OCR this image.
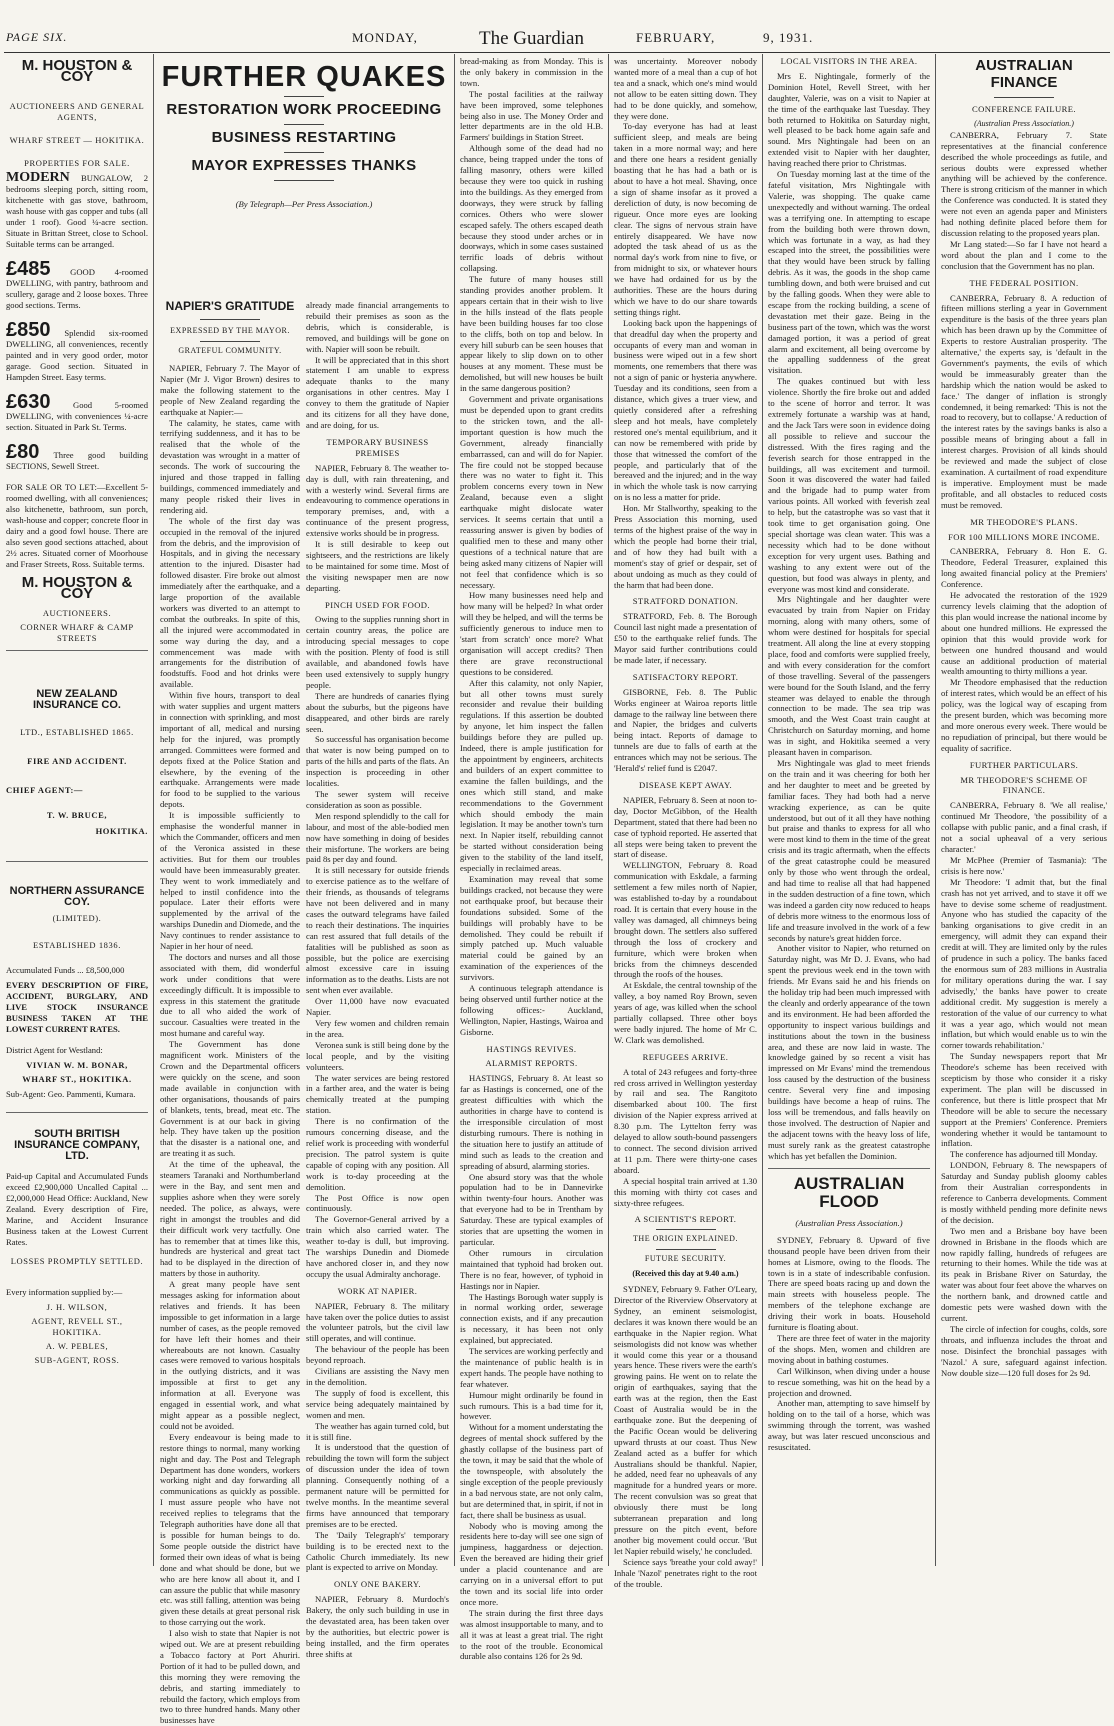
PAGE SIX.	MONDAY,	The Guardian	FEBRUARY,	9, 1931.
M. HOUSTON & COY
AUCTIONEERS AND GENERAL AGENTS,
WHARF STREET — HOKITIKA.
PROPERTIES FOR SALE.
MODERN BUNGALOW, 2 bedrooms sleeping porch, sitting room, kitchenette with gas stove, bathroom, wash house with gas copper and tubs (all under 1 roof). Good ¼-acre section. Situate in Brittan Street, close to School. Suitable terms can be arranged.
£485 GOOD 4-roomed DWELLING, with pantry, bathroom and scullery, garage and 2 loose boxes. Three good sections. Terms.
£850 Splendid six-roomed DWELLING, all conveniences, recently painted and in very good order, motor garage. Good section. Situated in Hampden Street. Easy terms.
£630	Good 5-roomed DWELLING, with conveniences ¼-acre section. Situated in Park St. Terms.
£80 Three good building SECTIONS, Sewell Street.
FOR SALE OR TO LET:—Excellent 5-roomed dwelling, with all conveniences; also kitchenette, bathroom, sun porch, wash-house and copper; concrete floor in dairy and a good fowl house. There are also seven good sections attached, about 2½ acres. Situated corner of Moorhouse and Fraser Streets, Ross. Suitable terms.
M. HOUSTON & COY
AUCTIONEERS.
CORNER WHARF & CAMP STREETS
NEW ZEALAND INSURANCE CO.
LTD., ESTABLISHED 1865.
FIRE AND ACCIDENT.
CHIEF AGENT:—
T. W. BRUCE,
HOKITIKA.
NORTHERN ASSURANCE COY.
(LIMITED).
ESTABLISHED 1836.
Accumulated Funds ... £8,500,000
EVERY DESCRIPTION OF FIRE, ACCIDENT, BURGLARY, AND LIVE STOCK INSURANCE BUSINESS TAKEN AT THE LOWEST CURRENT RATES.
District Agent for Westland:
VIVIAN W. M. BONAR,
WHARF ST., HOKITIKA.
Sub-Agent: Geo. Pammenti, Kumara.
SOUTH BRITISH INSURANCE COMPANY, LTD.
Paid-up Capital and Accumulated Funds exceed £2,900,000 Uncalled Capital ... £2,000,000 Head Office: Auckland, New Zealand. Every description of Fire, Marine, and Accident Insurance Business taken at the Lowest Current Rates.
LOSSES PROMPTLY SETTLED.
Every information supplied by:—
J. H. WILSON,
AGENT, REVELL ST., HOKITIKA.
A. W. PEBLES,
SUB-AGENT, ROSS.
FURTHER QUAKES
RESTORATION WORK PROCEEDING
BUSINESS RESTARTING
MAYOR EXPRESSES THANKS
(By Telegraph—Per Press Association.)
NAPIER'S GRATITUDE
EXPRESSED BY THE MAYOR.
GRATEFUL COMMUNITY.

NAPIER, February 7. The Mayor of Napier (Mr J. Vigor Brown) desires to make the following statement to the people of New Zealand regarding the earthquake at Napier:—

The calamity, he states, came with terrifying suddenness, and it has to be realised that the whole of the devastation was wrought in a matter of seconds. The work of succouring the injured and those trapped in falling buildings, commenced immediately and many people risked their lives in rendering aid.

The whole of the first day was occupied in the removal of the injured from the debris, and the improvision of Hospitals, and in giving the necessary attention to the injured. Disaster had followed disaster. Fire broke out almost immediately after the earthquake, and a large proportion of the available workers was diverted to an attempt to combat the outbreaks. In spite of this, all the injured were accommodated in some way during the day, and a commencement was made with arrangements for the distribution of foodstuffs. Food and hot drinks were available.

Within five hours, transport to deal with water supplies and urgent matters in connection with sprinkling, and most important of all, medical and nursing help for the injured, was promptly arranged. Committees were formed and depots fixed at the Police Station and elsewhere, by the evening of the earthquake. Arrangements were made for food to be supplied to the various depots.

It is impossible sufficiently to emphasise the wonderful manner in which the Commander, officers and men of the Veronica assisted in these activities. But for them our troubles would have been immeasurably greater. They went to work immediately and helped to instil confidence into the populace. Later their efforts were supplemented by the arrival of the warships Dunedin and Diomede, and the Navy continues to render assistance to Napier in her hour of need.

The doctors and nurses and all those associated with them, did wonderful work under conditions that were exceedingly difficult. It is impossible to express in this statement the gratitude due to all who aided the work of succour. Casualties were treated in the most humane and careful way.

The Government has done magnificent work. Ministers of the Crown and the Departmental officers were quickly on the scene, and soon made available in conjunction with other organisations, thousands of pairs of blankets, tents, bread, meat etc. The Government is at our back in giving help. They have taken up the position that the disaster is a national one, and are treating it as such.

At the time of the upheaval, the steamers Taranaki and Northumberland were in the Bay, and sent men and supplies ashore when they were sorely needed. The police, as always, were right in amongst the troubles and did their difficult work very tactfully. One has to remember that at times like this, hundreds are hysterical and great tact had to be displayed in the direction of matters by those in authority.

A great many people have sent messages asking for information about relatives and friends. It has been impossible to get information in a large number of cases, as the people removed for have left their homes and their whereabouts are not known. Casualty cases were removed to various hospitals in the outlying districts, and it was impossible at first to get any information at all. Everyone was engaged in essential work, and what might appear as a possible neglect, could not be avoided.

Every endeavour is being made to restore things to normal, many working night and day. The Post and Telegraph Department has done wonders, workers working night and day forwarding all communications as quickly as possible. I must assure people who have not received replies to telegrams that the Telegraph authorities have done all that is possible for human beings to do. Some people outside the district have formed their own ideas of what is being done and what should be done, but we who are here know all about it, and I can assure the public that while masonry etc. was still falling, attention was being given these details at great personal risk to those carrying out the work.

I also wish to state that Napier is not wiped out. We are at present rebuilding a Tobacco factory at Port Ahuriri. Portion of it had to be pulled down, and this morning they were removing the debris, and starting immediately to rebuild the factory, which employs from two to three hundred hands. Many other businesses have

already made financial arrangements to rebuild their premises as soon as the debris, which is considerable, is removed, and buildings will be gone on with. Napier will soon be rebuilt.

It will be appreciated that in this short statement I am unable to express adequate thanks to the many organisations in other centres. May I convey to them the gratitude of Napier and its citizens for all they have done, and are doing, for us.

TEMPORARY BUSINESS PREMISES

NAPIER, February 8. The weather to-day is dull, with rain threatening, and with a westerly wind. Several firms are endeavouring to commence operations in temporary premises, and, with a continuance of the present progress, extensive works should be in progress.

It is still desirable to keep out sightseers, and the restrictions are likely to be maintained for some time. Most of the visiting newspaper men are now departing.

PINCH USED FOR FOOD.

Owing to the supplies running short in certain country areas, the police are introducing special messages to cope with the position. Plenty of food is still available, and abandoned fowls have been used extensively to supply hungry people.

There are hundreds of canaries flying about the suburbs, but the pigeons have disappeared, and other birds are rarely seen.

So successful has organisation become that water is now being pumped on to parts of the hills and parts of the flats. An inspection is proceeding in other localities.

The sewer system will receive consideration as soon as possible.

Men respond splendidly to the call for labour, and most of the able-bodied men now have something in doing of besides their misfortune. The workers are being paid 8s per day and found.

It is still necessary for outside friends to exercise patience as to the welfare of their friends, as thousands of telegrams have not been delivered and in many cases the outward telegrams have failed to reach their destinations. The inquiries can rest assured that full details of the fatalities will be published as soon as possible, but the police are exercising almost excessive care in issuing information as to the deaths. Lists are not sent when ever available.

Over 11,000 have now evacuated Napier.

Very few women and children remain in the area.

Veronea sunk is still being done by the local people, and by the visiting volunteers.

The water services are being restored in a farther area, and the water is being chemically treated at the pumping station.

There is no confirmation of the rumours concerning disease, and the relief work is proceeding with wonderful precision. The patrol system is quite capable of coping with any position. All work is to-day proceeding at the demolition.

The Post Office is now open continuously.

The Governor-General arrived by a train which also carried water. The weather to-day is dull, but improving. The warships Dunedin and Diomede have anchored closer in, and they now occupy the usual Admiralty anchorage.

WORK AT NAPIER.

NAPIER, February 8. The military have taken over the police duties to assist the volunteer patrols, but the civil law still operates, and will continue.

The behaviour of the people has been beyond reproach.

Civilians are assisting the Navy men in the demolition.

The supply of food is excellent, this service being adequately maintained by women and men.

The weather has again turned cold, but it is still fine.

It is understood that the question of rebuilding the town will form the subject of discussion under the idea of town planning. Consequently nothing of a permanent nature will be permitted for twelve months. In the meantime several firms have announced that temporary premises are to be erected.

The 'Daily Telegraph's' temporary building is to be erected next to the Catholic Church immediately. Its new plant is expected to arrive on Monday.

ONLY ONE BAKERY.

NAPIER, February 8. Murdoch's Bakery, the only such building in use in the devastated area, has been taken over by the authorities, but electric power is being installed, and the firm operates three shifts at

bread-making as from Monday. This is the only bakery in commission in the town.

The postal facilities at the railway have been improved, some telephones being also in use. The Money Order and letter departments are in the old H.B. Farmers' buildings in Station Street.

Although some of the dead had no chance, being trapped under the tons of falling masonry, others were killed because they were too quick in rushing into the buildings. As they emerged from doorways, they were struck by falling cornices. Others who were slower escaped safely. The others escaped death because they stood under arches or in doorways, which in some cases sustained terrific loads of debris without collapsing.

The future of many houses still standing provides another problem. It appears certain that in their wish to live in the hills instead of the flats people have been building houses far too close to the cliffs, both on top and below. In every hill suburb can be seen houses that appear likely to slip down on to other houses at any moment. These must be demolished, but will new houses be built in the same dangerous position?

Government and private organisations must be depended upon to grant credits to the stricken town, and the all-important question is how much the Government, already financially embarrassed, can and will do for Napier. The fire could not be stopped because there was no water to fight it. This problem concerns every town in New Zealand, because even a slight earthquake might dislocate water services. It seems certain that until a reassuring answer is given by bodies of qualified men to these and many other questions of a technical nature that are being asked many citizens of Napier will not feel that confidence which is so necessary.

How many businesses need help and how many will be helped? In what order will they be helped, and will the terms be sufficiently generous to induce men to 'start from scratch' once more? What organisation will accept credits? Then there are grave reconstructional questions to be considered.

After this calamity, not only Napier, but all other towns must surely reconsider and revalue their building regulations. If this assertion be doubted by anyone, let him inspect the fallen buildings before they are pulled up. Indeed, there is ample justification for the appointment by engineers, architects and builders of an expert committee to examine the fallen buildings, and the ones which still stand, and make recommendations to the Government which should embody the main legislation. It may be another town's turn next. In Napier itself, rebuilding cannot be started without consideration being given to the stability of the land itself, especially in reclaimed areas.

Examination may reveal that some buildings cracked, not because they were not earthquake proof, but because their foundations subsided. Some of the buildings will probably have to be demolished. They could be rebuilt if simply patched up. Much valuable material could be gained by an examination of the experiences of the survivors.

A continuous telegraph attendance is being observed until further notice at the following offices:- Auckland, Wellington, Napier, Hastings, Wairoa and Gisborne.

HASTINGS REVIVES.
ALARMIST REPORTS.

HASTINGS, February 8. At least so far as Hastings is concerned, one of the greatest difficulties with which the authorities in charge have to contend is the irresponsible circulation of most disturbing rumours. There is nothing in the situation here to justify an attitude of mind such as leads to the creation and spreading of absurd, alarming stories.

One absurd story was that the whole population had to be in Dannevirke within twenty-four hours. Another was that everyone had to be in Trentham by Saturday. These are typical examples of stories that are upsetting the women in particular.

Other rumours in circulation maintained that typhoid had broken out. There is no fear, however, of typhoid in Hastings nor in Napier.

The Hastings Borough water supply is in normal working order, sewerage connection exists, and if any precaution is necessary, it has been not only explained, but appreciated.

The services are working perfectly and the maintenance of public health is in expert hands. The people have nothing to fear whatever.

Humour might ordinarily be found in such rumours. This is a bad time for it, however.

Without for a moment understating the degrees of mental shock suffered by the ghastly collapse of the business part of the town, it may be said that the whole of the townspeople, with absolutely the single exception of the people previously in a bad nervous state, are not only calm, but are determined that, in spirit, if not in fact, there shall be business as usual.

Nobody who is moving among the residents here to-day will see one sign of jumpiness, haggardness or dejection. Even the bereaved are hiding their grief under a placid countenance and are carrying on in a universal effort to put the town and its social life into order once more.

The strain during the first three days was almost insupportable to many, and to all it was at least a great trial. The right to the root of the trouble. Economical durable also contains 126 for 2s 9d.

was uncertainty. Moreover nobody wanted more of a meal than a cup of hot tea and a snack, which one's mind would not allow to be eaten sitting down. They had to be done quickly, and somehow, they were done.

To-day everyone has had at least sufficient sleep, and meals are being taken in a more normal way; and here and there one hears a resident genially boasting that he has had a bath or is about to have a hot meal. Shaving, once a sign of shame insofar as it proved a dereliction of duty, is now becoming de rigueur. Once more eyes are looking clear. The signs of nervous strain have entirely disappeared. We have now adopted the task ahead of us as the normal day's work from nine to five, or from midnight to six, or whatever hours we have had ordained for us by the authorities. These are the hours during which we have to do our share towards setting things right.

Looking back upon the happenings of that dreadful day when the property and occupants of every man and woman in business were wiped out in a few short moments, one remembers that there was not a sign of panic or hysteria anywhere. Tuesday and its conditions, seen from a distance, which gives a truer view, and quietly considered after a refreshing sleep and hot meals, have completely restored one's mental equilibrium, and it can now be remembered with pride by those that witnessed the comfort of the people, and particularly that of the bereaved and the injured; and in the way in which the whole task is now carrying on is no less a matter for pride.

Hon. Mr Stallworthy, speaking to the Press Association this morning, used terms of the highest praise of the way in which the people had borne their trial, and of how they had built with a moment's stay of grief or despair, set of about undoing as much as they could of the harm that had been done.

STRATFORD DONATION.

STRATFORD, Feb. 8. The Borough Council last night made a presentation of £50 to the earthquake relief funds. The Mayor said further contributions could be made later, if necessary.

SATISFACTORY REPORT.

GISBORNE, Feb. 8. The Public Works engineer at Wairoa reports little damage to the railway line between there and Napier, the bridges and culverts being intact. Reports of damage to tunnels are due to falls of earth at the entrances which may not be serious. The 'Herald's' relief fund is £2047.

DISEASE KEPT AWAY.

NAPIER, February 8. Seen at noon to-day, Doctor McGibbon, of the Health Department, stated that there had been no case of typhoid reported. He asserted that all steps were being taken to prevent the start of disease.

WELLINGTON, February 8. Road communication with Eskdale, a farming settlement a few miles north of Napier, was established to-day by a roundabout road. It is certain that every house in the valley was damaged, all chimneys being brought down. The settlers also suffered through the loss of crockery and furniture, which were broken when bricks from the chimneys descended through the roofs of the houses.

At Eskdale, the central township of the valley, a boy named Roy Brown, seven years of age, was killed when the school partially collapsed. Three other boys were badly injured. The home of Mr C. W. Clark was demolished.

REFUGEES ARRIVE.

A total of 243 refugees and forty-three red cross arrived in Wellington yesterday by rail and sea. The Rangitoto disembarked about 100. The first division of the Napier express arrived at 8.30 p.m. The Lyttelton ferry was delayed to allow south-bound passengers to connect. The second division arrived at 11 p.m. There were thirty-one cases aboard.

A special hospital train arrived at 1.30 this morning with thirty cot cases and sixty-three refugees.

A SCIENTIST'S REPORT.
THE ORIGIN EXPLAINED.
FUTURE SECURITY.
(Received this day at 9.40 a.m.)

SYDNEY, February 9. Father O'Leary, Director of the Riverview Observatory at Sydney, an eminent seismologist, declares it was known there would be an earthquake in the Napier region. What seismologists did not know was whether it would come this year or a thousand years hence. These rivers were the earth's growing pains. He went on to relate the origin of earthquakes, saying that the earth was at the region, then the East Coast of Australia would be in the earthquake zone. But the deepening of the Pacific Ocean would be delivering upward thrusts at our coast. Thus New Zealand acted as a buffer for which Australians should be thankful. Napier, he added, need fear no upheavals of any magnitude for a hundred years or more. The recent convulsion was so great that obviously there must be long subterranean preparation and long pressure on the pitch event, before another big movement could occur. 'But let Napier rebuild wisely,' he concluded.

Science says 'breathe your cold away!' Inhale 'Nazol' penetrates right to the root of the trouble.

LOCAL VISITORS IN THE AREA.

Mrs E. Nightingale, formerly of the Dominion Hotel, Revell Street, with her daughter, Valerie, was on a visit to Napier at the time of the earthquake last Tuesday. They both returned to Hokitika on Saturday night, well pleased to be back home again safe and sound. Mrs Nightingale had been on an extended visit to Napier with her daughter, having reached there prior to Christmas.

On Tuesday morning last at the time of the fateful visitation, Mrs Nightingale with Valerie, was shopping. The quake came unexpectedly and without warning. The ordeal was a terrifying one. In attempting to escape from the building both were thrown down, which was fortunate in a way, as had they escaped into the street, the possibilities were that they would have been struck by falling debris. As it was, the goods in the shop came tumbling down, and both were bruised and cut by the falling goods. When they were able to escape from the rocking building, a scene of devastation met their gaze. Being in the business part of the town, which was the worst damaged portion, it was a period of great alarm and excitement, all being overcome by the appalling suddenness of the great visitation.

The quakes continued but with less violence. Shortly the fire broke out and added to the scene of horror and terror. It was extremely fortunate a warship was at hand, and the Jack Tars were soon in evidence doing all possible to relieve and succour the distressed. With the fires raging and the feverish search for those entrapped in the buildings, all was excitement and turmoil. Soon it was discovered the water had failed and the brigade had to pump water from various points. All worked with feverish zeal to help, but the catastrophe was so vast that it took time to get organisation going. One special shortage was clean water. This was a necessity which had to be done without exception for very urgent uses. Bathing and washing to any extent were out of the question, but food was always in plenty, and everyone was most kind and considerate.

Mrs Nightingale and her daughter were evacuated by train from Napier on Friday morning, along with many others, some of whom were destined for hospitals for special treatment. All along the line at every stopping place, food and comforts were supplied freely, and with every consideration for the comfort of those travelling. Several of the passengers were bound for the South Island, and the ferry steamer was delayed to enable the through connection to be made. The sea trip was smooth, and the West Coast train caught at Christchurch on Saturday morning, and home was in sight, and Hokitika seemed a very pleasant haven in comparison.

Mrs Nightingale was glad to meet friends on the train and it was cheering for both her and her daughter to meet and be greeted by familiar faces. They had both had a nerve wracking experience, as can be quite understood, but out of it all they have nothing but praise and thanks to express for all who were most kind to them in the time of the great crisis and its tragic aftermath, when the effects of the great catastrophe could be measured only by those who went through the ordeal, and had time to realise all that had happened in the sudden destruction of a fine town, which was indeed a garden city now reduced to heaps of debris more witness to the enormous loss of life and treasure involved in the work of a few seconds by nature's great hidden force.

Another visitor to Napier, who returned on Saturday night, was Mr D. J. Evans, who had spent the previous week end in the town with friends. Mr Evans said he and his friends on the holiday trip had been much impressed with the cleanly and orderly appearance of the town and its environment. He had been afforded the opportunity to inspect various buildings and institutions about the town in the business area, and these are now laid in waste. The knowledge gained by so recent a visit has impressed on Mr Evans' mind the tremendous loss caused by the destruction of the business centre. Several very fine and imposing buildings have become a heap of ruins. The loss will be tremendous, and falls heavily on those involved. The destruction of Napier and the adjacent towns with the heavy loss of life, must surely rank as the greatest catastrophe which has yet befallen the Dominion.

AUSTRALIAN FLOOD
(Australian Press Association.)

SYDNEY, February 8. Upward of five thousand people have been driven from their homes at Lismore, owing to the floods. The town is in a state of indescribable confusion. There are speed boats racing up and down the main streets with houseless people. The members of the telephone exchange are driving their work in boats. Household furniture is floating about.

There are three feet of water in the majority of the shops. Men, women and children are moving about in bathing costumes.

Carl Wilkinson, when diving under a house to rescue something, was hit on the head by a projection and drowned.

Another man, attempting to save himself by holding on to the tail of a horse, which was swimming through the torrent, was washed away, but was later rescued unconscious and resuscitated.

AUSTRALIAN FINANCE
CONFERENCE FAILURE.
(Australian Press Association.)

CANBERRA, February 7. State representatives at the financial conference described the whole proceedings as futile, and serious doubts were expressed whether anything will be achieved by the conference. There is strong criticism of the manner in which the Conference was conducted. It is stated they were not even an agenda paper and Ministers had nothing definite placed before them for discussion relating to the proposed years plan.

Mr Lang stated:—So far I have not heard a word about the plan and I come to the conclusion that the Government has no plan.

THE FEDERAL POSITION.

CANBERRA, February 8. A reduction of fifteen millions sterling a year in Government expenditure is the basis of the three years plan which has been drawn up by the Committee of Experts to restore Australian prosperity. 'The alternative,' the experts say, is 'default in the Government's payments, the evils of which would be immeasurably greater than the hardship which the nation would be asked to face.' The danger of inflation is strongly condemned, it being remarked: 'This is not the road to recovery, but to collapse.' A reduction of the interest rates by the savings banks is also a possible means of bringing about a fall in interest charges. Provision of all kinds should be reviewed and made the subject of close examination. A curtailment of road expenditure is imperative. Employment must be made profitable, and all obstacles to reduced costs must be removed.

MR THEODORE'S PLANS.
FOR 100 MILLIONS MORE INCOME.

CANBERRA, February 8. Hon E. G. Theodore, Federal Treasurer, explained this long awaited financial policy at the Premiers' Conference.

He advocated the restoration of the 1929 currency levels claiming that the adoption of this plan would increase the national income by about one hundred millions. He expressed the opinion that this would provide work for between one hundred thousand and would cause an additional production of material wealth amounting to thirty millions a year.

Mr Theodore emphasised that the reduction of interest rates, which would be an effect of his policy, was the logical way of escaping from the present burden, which was becoming more and more onerous every week. There would be no repudiation of principal, but there would be equality of sacrifice.

FURTHER PARTICULARS.
MR THEODORE'S SCHEME OF FINANCE.

CANBERRA, February 8. 'We all realise,' continued Mr Theodore, 'the possibility of a collapse with public panic, and a final crash, if not a social upheaval of a very serious character.'

Mr McPhee (Premier of Tasmania): 'The crisis is here now.'

Mr Theodore: 'I admit that, but the final crash has not yet arrived, and to stave it off we have to devise some scheme of readjustment. Anyone who has studied the capacity of the banking organisations to give credit in an emergency, will admit they can expand their credit at will. They are limited only by the rules of prudence in such a policy. The banks faced the enormous sum of 283 millions in Australia for military operations during the war. I say advisedly,' the banks have power to create additional credit. My suggestion is merely a restoration of the value of our currency to what it was a year ago, which would not mean inflation, but which would enable us to win the corner towards rehabilitation.'

The Sunday newspapers report that Mr Theodore's scheme has been received with scepticism by those who consider it a risky experiment. The plan will be discussed in conference, but there is little prospect that Mr Theodore will be able to secure the necessary support at the Premiers' Conference. Premiers wondering whether it would be tantamount to inflation.

The conference has adjourned till Monday.

LONDON, February 8. The newspapers of Saturday and Sunday publish gloomy cables from their Australian correspondents in reference to Canberra developments. Comment is mostly withheld pending more definite news of the decision.

Two men and a Brisbane boy have been drowned in Brisbane in the floods which are now rapidly falling, hundreds of refugees are returning to their homes. While the tide was at its peak in Brisbane River on Saturday, the water was about four feet above the wharves on the northern bank, and drowned cattle and domestic pets were washed down with the current.

The circle of infection for coughs, colds, sore throats, and influenza includes the throat and nose. Disinfect the bronchial passages with 'Nazol.' A sure, safeguard against infection. Now double size—120 full doses for 2s 9d.
